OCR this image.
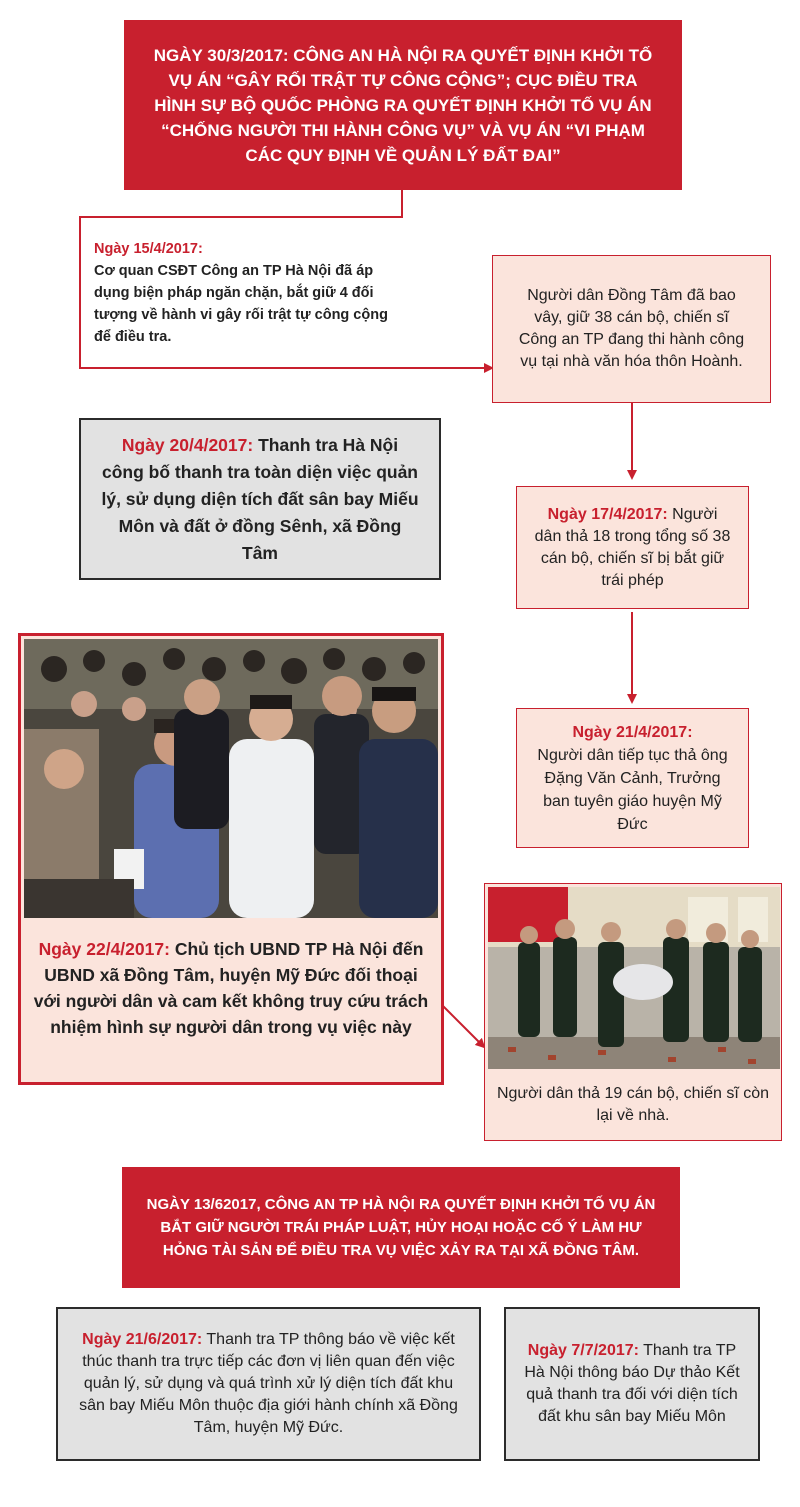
NGÀY 30/3/2017: CÔNG AN HÀ NỘI RA QUYẾT ĐỊNH KHỞI TỐ VỤ ÁN “GÂY RỐI TRẬT TỰ CÔNG CỘNG”; CỤC ĐIỀU TRA HÌNH SỰ BỘ QUỐC PHÒNG RA QUYẾT ĐỊNH KHỞI TỐ VỤ ÁN “CHỐNG NGƯỜI THI HÀNH CÔNG VỤ” VÀ VỤ ÁN “VI PHẠM CÁC QUY ĐỊNH VỀ QUẢN LÝ ĐẤT ĐAI”
Ngày 15/4/2017:
Cơ quan CSĐT Công an TP Hà Nội đã áp dụng biện pháp ngăn chặn, bắt giữ 4 đối tượng về hành vi gây rối trật tự công cộng để điều tra.
Người dân Đồng Tâm đã bao vây, giữ 38 cán bộ, chiến sĩ Công an TP đang thi hành công vụ tại nhà văn hóa thôn Hoành.
Ngày 20/4/2017: Thanh tra Hà Nội công bố thanh tra toàn diện việc quản lý, sử dụng diện tích đất sân bay Miếu Môn và đất ở đồng Sênh, xã Đồng Tâm
Ngày 17/4/2017: Người dân thả 18 trong tổng số 38 cán bộ, chiến sĩ bị bắt giữ trái phép
Ngày 21/4/2017:
Người dân tiếp tục thả ông Đặng Văn Cảnh, Trưởng ban tuyên giáo huyện Mỹ Đức
Ngày 22/4/2017: Chủ tịch UBND TP Hà Nội đến UBND xã Đồng Tâm, huyện Mỹ Đức đối thoại với người dân và cam kết không truy cứu trách nhiệm hình sự người dân trong vụ việc này
Người dân thả 19 cán bộ, chiến sĩ còn lại về nhà.
NGÀY 13/62017, CÔNG AN TP HÀ NỘI RA QUYẾT ĐỊNH KHỞI TỐ VỤ ÁN BẮT GIỮ NGƯỜI TRÁI PHÁP LUẬT, HỦY HOẠI HOẶC CỐ Ý LÀM HƯ HỎNG TÀI SẢN ĐỂ ĐIỀU TRA VỤ VIỆC XẢY RA TẠI XÃ ĐỒNG TÂM.
Ngày 21/6/2017: Thanh tra TP thông báo về việc kết thúc thanh tra trực tiếp các đơn vị liên quan đến việc quản lý, sử dụng và quá trình xử lý diện tích đất khu sân bay Miếu Môn thuộc địa giới hành chính xã Đồng Tâm, huyện Mỹ Đức.
Ngày 7/7/2017: Thanh tra TP Hà Nội thông báo Dự thảo Kết quả thanh tra đối với diện tích đất khu sân bay Miếu Môn
